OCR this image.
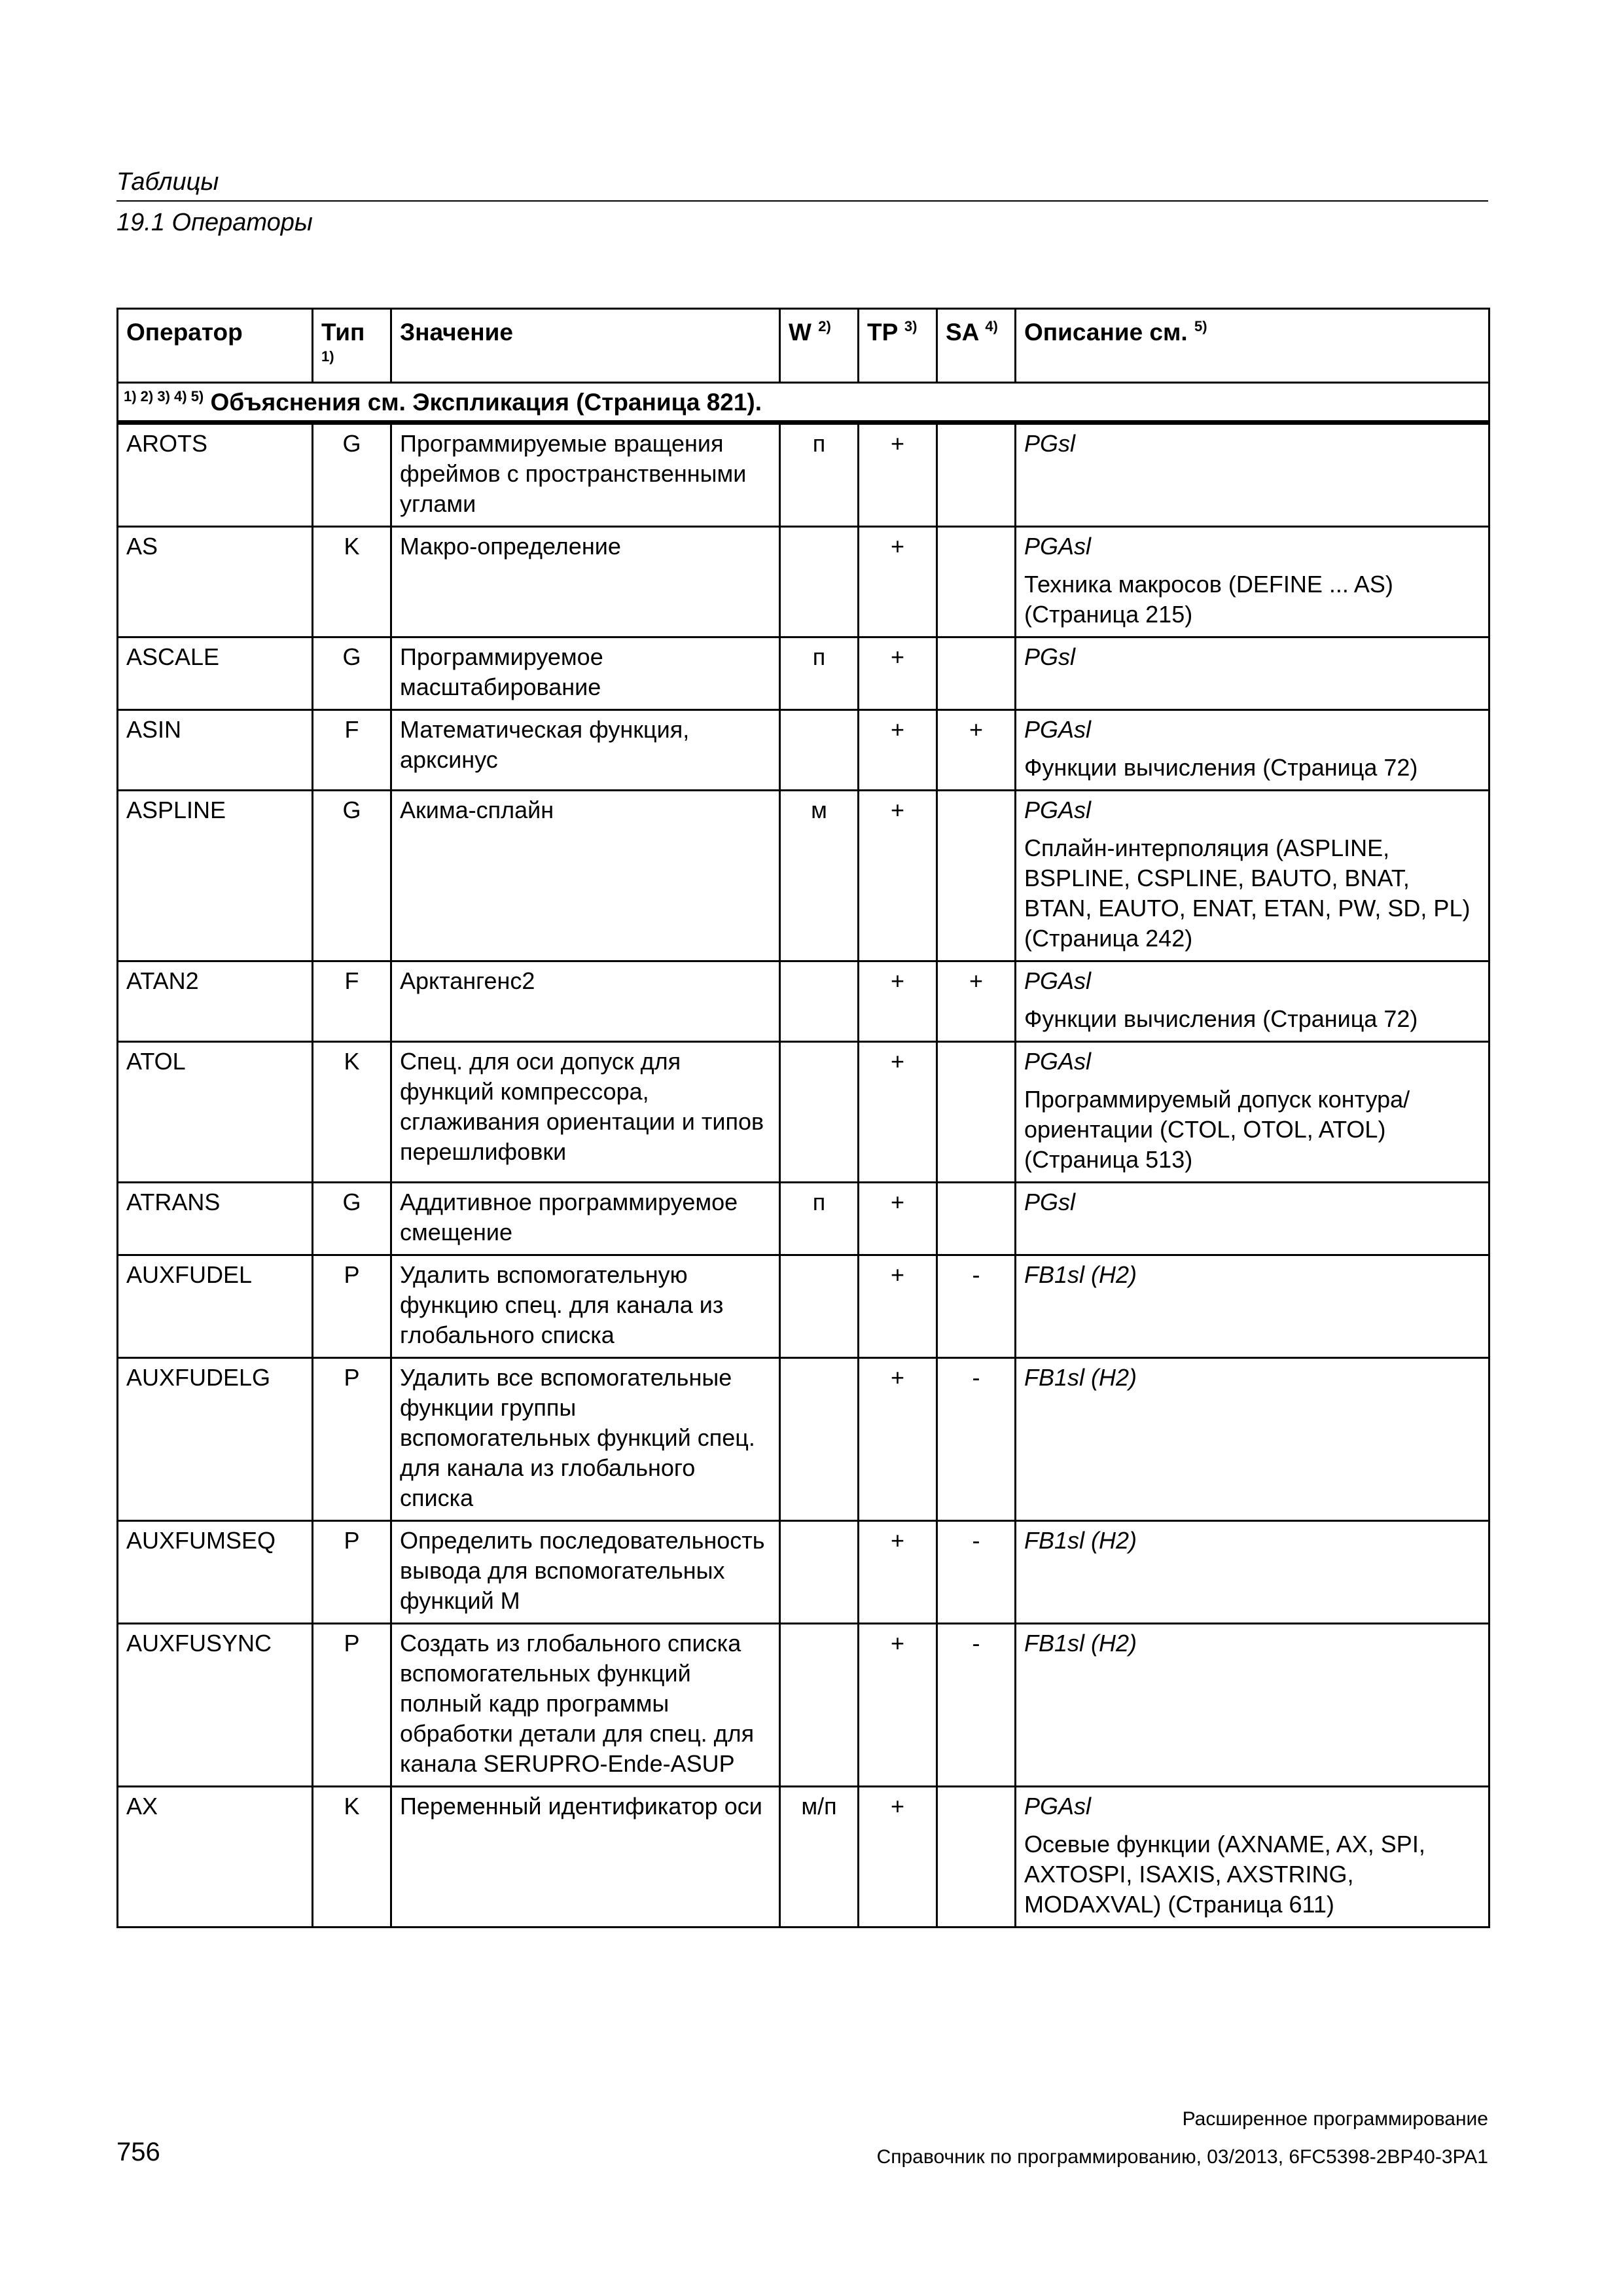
Таблицы
19.1 Операторы
Оператор	Тип $^{1)}$	Значение	W $^{2)}$	TP $^{3)}$	SA $^{4)}$	Описание см. $^{5)}$
$^{1) 2) 3) 4) 5)}$ Объяснения см. Экспликация (Страница 821).						
AROTS	G	Программируемые вращения фреймов с пространственными углами	п	+		PGsl

AS	K	Макро-определение		+		PGAsl
Техника макросов (DEFINE ... AS) (Страница 215)

ASCALE	G	Программируемое масштабирование	п	+		PGsl

ASIN	F	Математическая функция, арксинус		+	+	PGAsl
Функции вычисления (Страница 72)

ASPLINE	G	Акима-сплайн	м	+		PGAsl
Сплайн-интерполяция (ASPLINE, BSPLINE, CSPLINE, BAUTO, BNAT, BTAN, EAUTO, ENAT, ETAN, PW, SD, PL) (Страница 242)

ATAN2	F	Арктангенс2		+	+	PGAsl
Функции вычисления (Страница 72)

ATOL	K	Спец. для оси допуск для функций компрессора, сглаживания ориентации и типов перешлифовки		+		PGAsl
Программируемый допуск контура/ориентации (CTOL, OTOL, ATOL) (Страница 513)

ATRANS	G	Аддитивное программируемое смещение	п	+		PGsl

AUXFUDEL	P	Удалить вспомогательную функцию спец. для канала из глобального списка		+	-	FB1sl (H2)

AUXFUDELG	P	Удалить все вспомогательные функции группы вспомогательных функций спец. для канала из глобального списка		+	-	FB1sl (H2)

AUXFUMSEQ	P	Определить последовательность вывода для вспомогательных функций M		+	-	FB1sl (H2)

AUXFUSYNC	P	Создать из глобального списка вспомогательных функций полный кадр программы обработки детали для спец. для канала SERUPRO-Ende-ASUP		+	-	FB1sl (H2)

AX	K	Переменный идентификатор оси	м/п	+		PGAsl
Осевые функции (AXNAME, AX, SPI, AXTOSPI, ISAXIS, AXSTRING, MODAXVAL) (Страница 611)
Расширенное программирование
756	Справочник по программированию, 03/2013, 6FC5398-2BP40-3PA1
